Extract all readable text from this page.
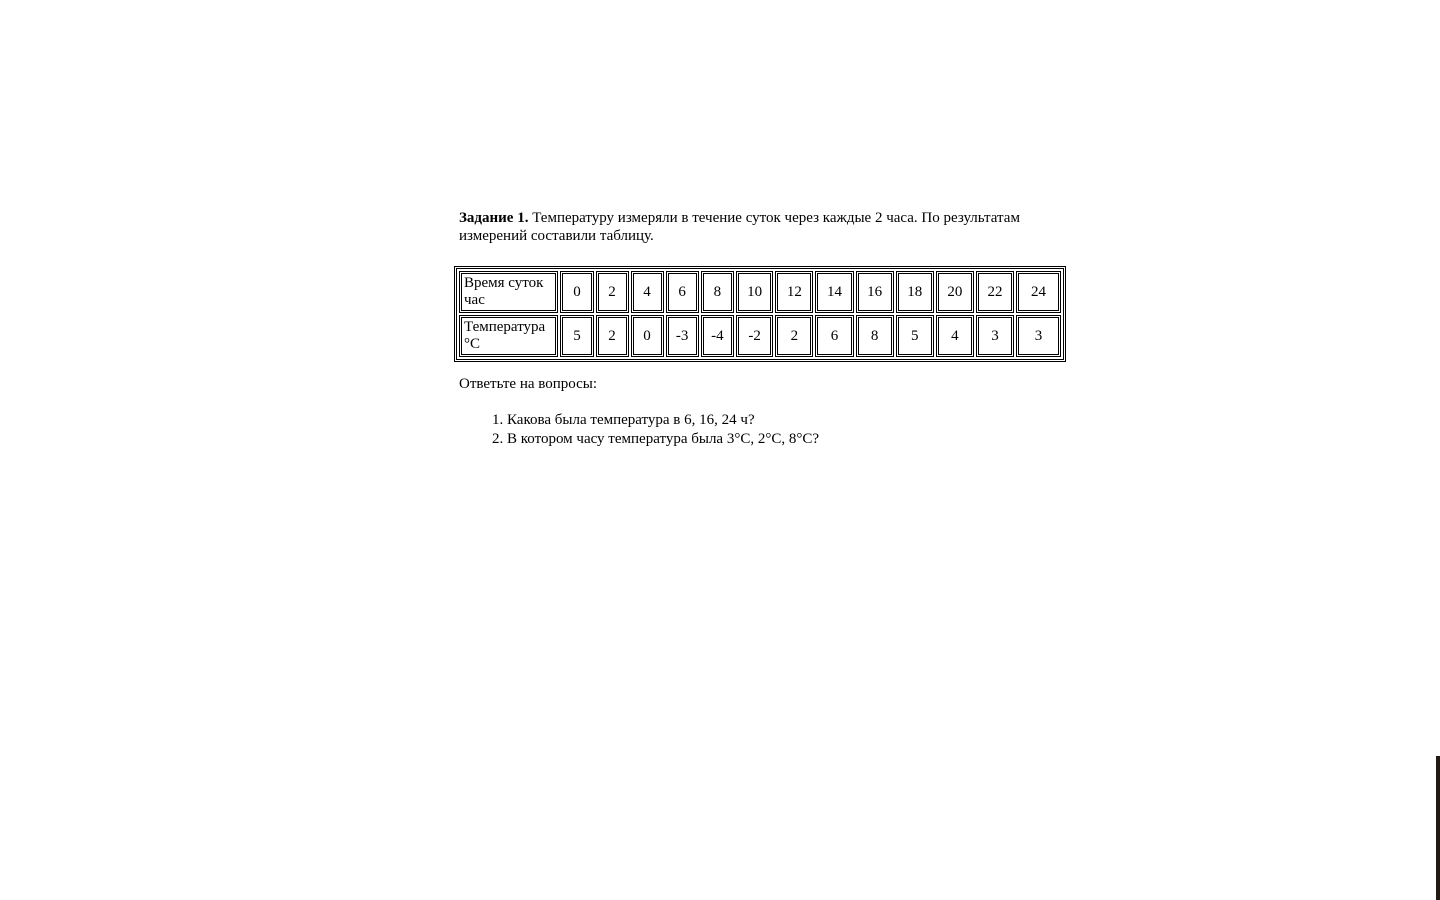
Задание 1. Температуру измеряли в течение суток через каждые 2 часа. По результатам измерений составили таблицу.

Время суток час	0	2	4	6	8	10	12	14	16	18	20	22	24
Температура °С	5	2	0	-3	-4	-2	2	6	8	5	4	3	3

Ответьте на вопросы:

1. Какова была температура в 6, 16, 24 ч?
2. В котором часу температура была 3°С, 2°С, 8°С?
